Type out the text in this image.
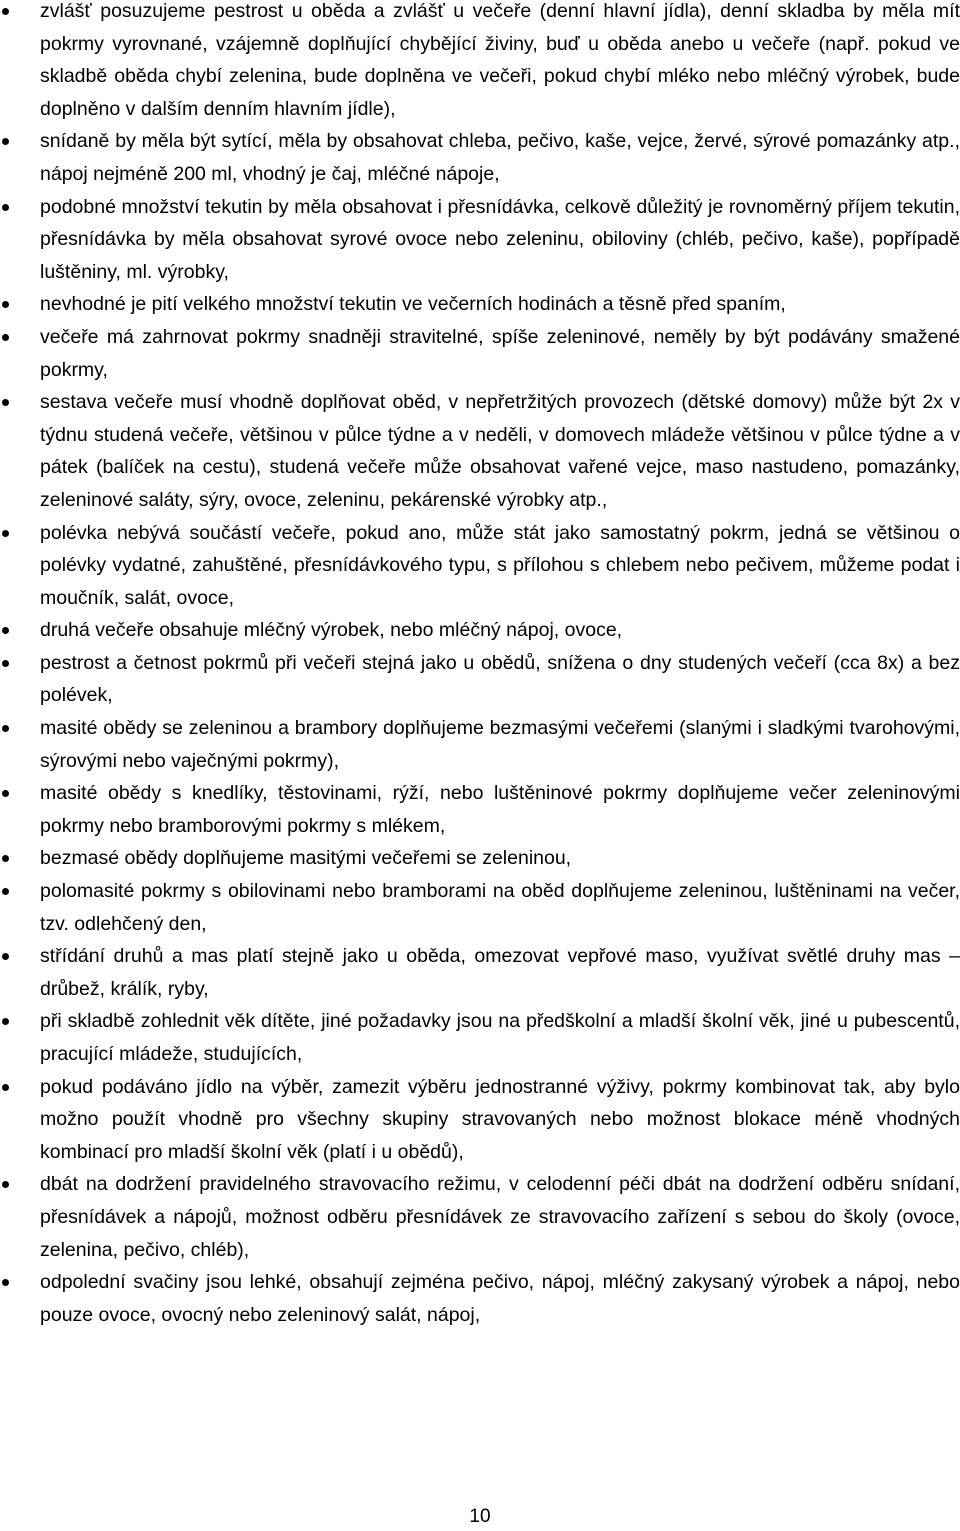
zvlášť posuzujeme pestrost u oběda a zvlášť u večeře (denní hlavní jídla), denní skladba by měla mít pokrmy vyrovnané, vzájemně doplňující chybějící živiny, buď u oběda anebo u večeře (např. pokud ve skladbě oběda chybí zelenina, bude doplněna ve večeři, pokud chybí mléko nebo mléčný výrobek, bude doplněno v dalším denním hlavním jídle),
snídaně by měla být sytící, měla by obsahovat chleba, pečivo, kaše, vejce, žervé, sýrové pomazánky atp., nápoj nejméně 200 ml, vhodný je čaj, mléčné nápoje,
podobné množství tekutin by měla obsahovat i přesnídávka, celkově důležitý je rovnoměrný příjem tekutin, přesnídávka by měla obsahovat syrové ovoce nebo zeleninu, obiloviny (chléb, pečivo, kaše), popřípadě luštěniny, ml. výrobky,
nevhodné je pití velkého množství tekutin ve večerních hodinách a těsně před spaním,
večeře má zahrnovat pokrmy snadněji stravitelné, spíše zeleninové, neměly by být podávány smažené pokrmy,
sestava večeře musí vhodně doplňovat oběd, v nepřetržitých provozech (dětské domovy) může být 2x v týdnu studená večeře, většinou v půlce týdne a v neděli, v domovech mládeže většinou v půlce týdne a v pátek (balíček na cestu), studená večeře může obsahovat vařené vejce, maso nastudeno, pomazánky, zeleninové saláty, sýry, ovoce, zeleninu, pekárenské výrobky atp.,
polévka nebývá součástí večeře, pokud ano, může stát jako samostatný pokrm, jedná se většinou o polévky vydatné, zahuštěné, přesnídávkového typu, s přílohou s chlebem nebo pečivem, můžeme podat i moučník, salát, ovoce,
druhá večeře obsahuje mléčný výrobek, nebo mléčný nápoj, ovoce,
pestrost a četnost pokrmů při večeři stejná jako u obědů, snížena o dny studených večeří (cca 8x) a bez polévek,
masité obědy se zeleninou a brambory doplňujeme bezmasými večeřemi (slanými i sladkými tvarohovými, sýrovými nebo vaječnými pokrmy),
masité obědy s knedlíky, těstovinami, rýží, nebo luštěninové pokrmy doplňujeme večer zeleninovými pokrmy nebo bramborovými pokrmy s mlékem,
bezmasé obědy doplňujeme masitými večeřemi se zeleninou,
polomasité pokrmy s obilovinami nebo bramborami na oběd doplňujeme zeleninou, luštěninami na večer, tzv. odlehčený den,
střídání druhů a mas platí stejně jako u oběda, omezovat vepřové maso, využívat světlé druhy mas – drůbež, králík, ryby,
při skladbě zohlednit věk dítěte, jiné požadavky jsou na předškolní a mladší školní věk, jiné u pubescentů, pracující mládeže, studujících,
pokud podáváno jídlo na výběr, zamezit výběru jednostranné výživy, pokrmy kombinovat tak, aby bylo možno použít vhodně pro všechny skupiny stravovaných nebo možnost blokace méně vhodných kombinací pro mladší školní věk (platí i u obědů),
dbát na dodržení pravidelného stravovacího režimu, v celodenní péči dbát na dodržení odběru snídaní, přesnídávek a nápojů, možnost odběru přesnídávek ze stravovacího zařízení s sebou do školy (ovoce, zelenina, pečivo, chléb),
odpolední svačiny jsou lehké, obsahují zejména pečivo, nápoj, mléčný zakysaný výrobek a nápoj, nebo pouze ovoce, ovocný nebo zeleninový salát, nápoj,
10
